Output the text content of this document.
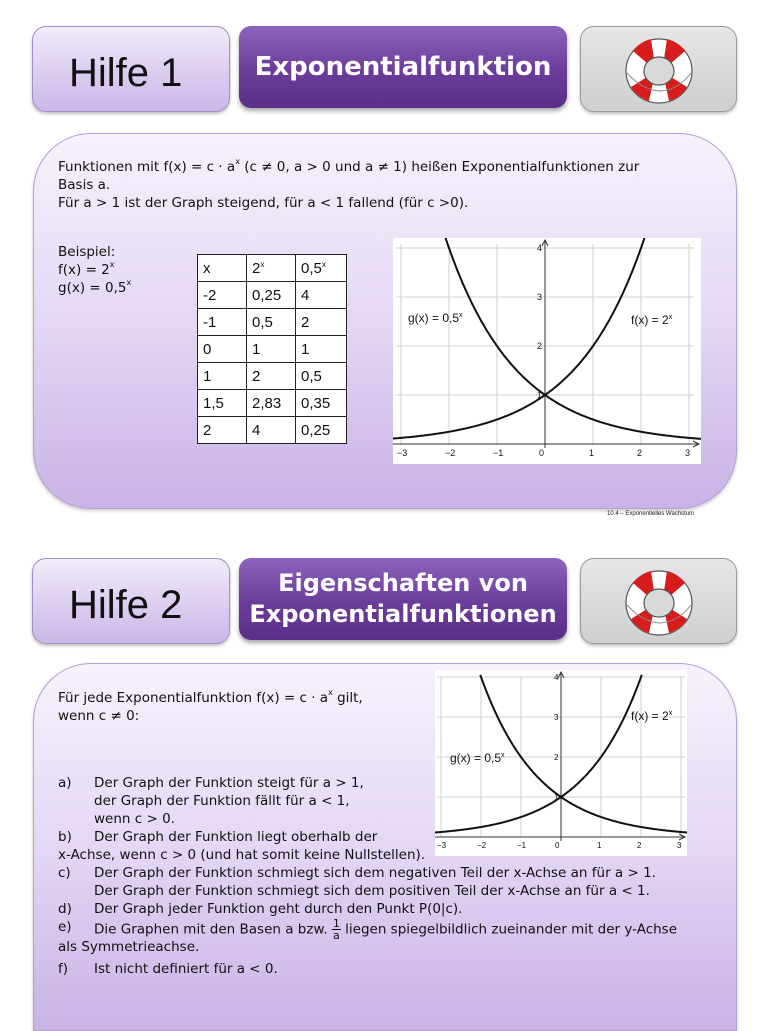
Hilfe 1	Exponentialfunktion
Funktionen mit $f(x) = c \cdot a^x$ (c ≠ 0, a > 0 und a ≠ 1) heißen Exponentialfunktionen zur
Basis a.
Für a > 1 ist der Graph steigend, für a < 1 fallend (für c >0).
Beispiel:
$f(x) = 2^x$
$g(x) = 0,5^x$
x	2$^x$	0,5$^x$
-2	0,25	4
-1	0,5	2
0	1	1
1	2	0,5
1,5	2,83	0,35
2	4	0,25
−3	−2	−1	0	1	2	3
1
2
3
4
$g(x) = 0,5^x$	$f(x) = 2^x$
10.4 – Exponentielles Wachstum
Hilfe 2	Eigenschaften von
Exponentialfunktionen
Für jede Exponentialfunktion $f(x) = c \cdot a^x$ gilt,
wenn c ≠ 0:
−3	−2	−1	0	1	2	3
1
2
3
4
$g(x) = 0,5^x$
$f(x) = 2^x$
a) Der Graph der Funktion steigt für a > 1,
der Graph der Funktion fällt für a < 1,
wenn c > 0.
b) Der Graph der Funktion liegt oberhalb der
x-Achse, wenn c > 0 (und hat somit keine Nullstellen).
c) Der Graph der Funktion schmiegt sich dem negativen Teil der x-Achse an für a > 1.
Der Graph der Funktion schmiegt sich dem positiven Teil der x-Achse an für a < 1.
d) Der Graph jeder Funktion geht durch den Punkt P(0|c).
e) Die Graphen mit den Basen a bzw. $\frac{1}{a}$ liegen spiegelbildlich zueinander mit der y-Achse
als Symmetrieachse.
f) Ist nicht definiert für a < 0.
